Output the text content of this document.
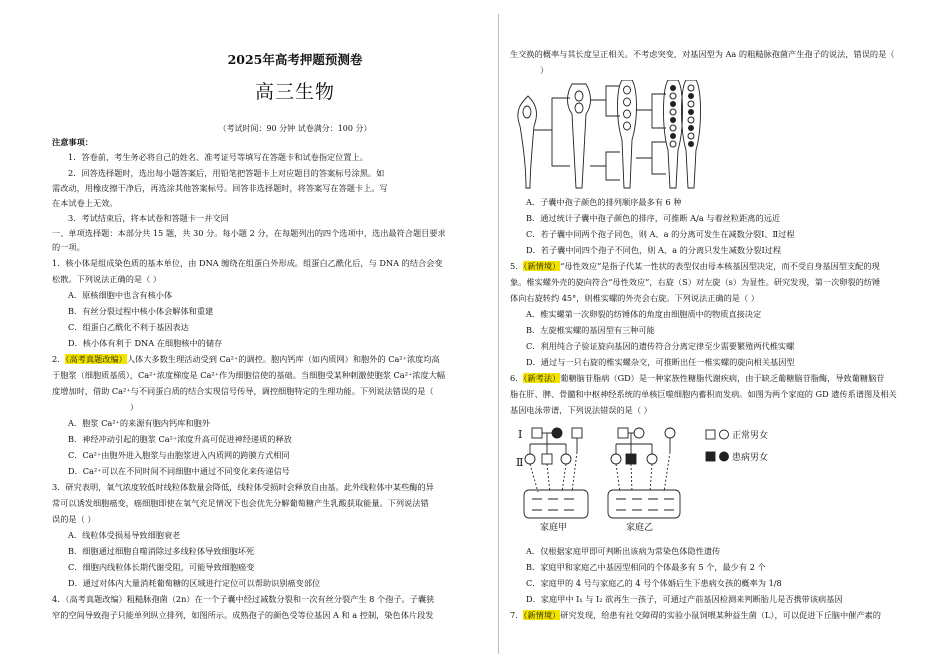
2025年高考押题预测卷
高三生物
（考试时间：90 分钟 试卷满分：100 分）
注意事项：
1．答卷前，考生务必将自己的姓名、准考证号等填写在答题卡和试卷指定位置上。
2．回答选择题时，选出每小题答案后，用铅笔把答题卡上对应题目的答案标号涂黑。如
需改动，用橡皮擦干净后，再选涂其他答案标号。回答非选择题时，将答案写在答题卡上。写
在本试卷上无效。
3．考试结束后，将本试卷和答题卡一并交回
一、单项选择题：本部分共 15 题，共 30 分。每小题 2 分，在每题列出的四个选项中，选出最符合题目要求
的一项。
1．核小体是组成染色质的基本单位，由 DNA 缠绕在组蛋白外形成。组蛋白乙酰化后，与 DNA 的结合会变
松散。下列说法正确的是（ ）
A．原核细胞中也含有核小体
B．有丝分裂过程中核小体会解体和重建
C．组蛋白乙酰化不利于基因表达
D．核小体有利于 DNA 在细胞核中的储存
2．（高考真题改编）人体大多数生理活动受到 Ca²⁺的调控。胞内钙库（如内质网）和胞外的 Ca²⁺浓度均高
于胞浆（细胞质基质），Ca²⁺浓度梯度是 Ca²⁺作为细胞信使的基础。当细胞受某种刺激使胞浆 Ca²⁺浓度大幅
度增加时，借助 Ca²⁺与不同蛋白质的结合实现信号传导，调控细胞特定的生理功能。下列说法错误的是（
）
A．胞浆 Ca²⁺的来源有胞内钙库和胞外
B．神经冲动引起的胞浆 Ca²⁺浓度升高可促进神经递质的释放
C．Ca²⁺由胞外进入胞浆与由胞浆进入内质网的跨膜方式相同
D．Ca²⁺可以在不同时间不同细胞中通过不同变化来传递信号
3．研究表明，氧气浓度较低时线粒体数量会降低，线粒体受损时会释放自由基。此外线粒体中某些酶的异
常可以诱发细胞癌变，癌细胞即使在氧气充足情况下也会优先分解葡萄糖产生乳酸获取能量。下列说法错
误的是（ ）
A．线粒体受损易导致细胞衰老
B．细胞通过细胞自噬消除过多线粒体导致细胞坏死
C．细胞内线粒体长期代谢受阻，可能导致细胞癌变
D．通过对体内大量消耗葡萄糖的区域进行定位可以帮助识别癌变部位
4．（高考真题改编）粗糙脉孢菌（2n）在一个子囊中经过减数分裂和一次有丝分裂产生 8 个孢子。子囊狭
窄的空间导致孢子只能单列纵立排列，如图所示。成熟孢子的颜色受等位基因 A 和 a 控制，染色体片段发
生交换的概率与其长度呈正相关。不考虑突变，对基因型为 Aa 的粗糙脉孢菌产生孢子的说法，错误的是（
）
A．子囊中孢子颜色的排列顺序最多有 6 种
B．通过统计子囊中孢子颜色的排序，可推断 A/a 与着丝粒距离的远近
C．若子囊中同两个孢子同色，则 A、a 的分离可发生在减数分裂Ⅰ、Ⅱ过程
D．若子囊中同四个孢子不同色，则 A、a 的分离只发生减数分裂Ⅰ过程
5．（新情境）“母性效应”是指子代某一性状的表型仅由母本核基因型决定，而不受自身基因型支配的现
象。椎实螺外壳的旋向符合“母性效应”，右旋（S）对左旋（s）为显性。研究发现，第一次卵裂的纺锤
体向右旋转约 45°，则椎实螺的外壳会右旋。下列说法正确的是（ ）
A．椎实螺第一次卵裂的纺锤体的角度由细胞质中的物质直接决定
B．左旋椎实螺的基因型有三种可能
C．利用纯合子验证旋向基因的遗传符合分离定律至少需要繁殖两代椎实螺
D．通过与一只右旋的椎实螺杂交，可推断出任一椎实螺的旋向相关基因型
6．（新考法）葡糖脑苷脂病（GD）是一种家族性糖脂代谢疾病，由于缺乏葡糖脑苷脂酶，导致葡糖脑苷
脂在肝、脾、骨髓和中枢神经系统的单核巨噬细胞内蓄积而发病。如图为两个家庭的 GD 遗传系谱图及相关
基因电泳带谱，下列说法错误的是（ ）
Ⅰ
Ⅱ
正常男女
患病男女
家庭甲	家庭乙
A．仅根据家庭甲即可判断出该病为常染色体隐性遗传
B．家庭甲和家庭乙中基因型相同的个体最多有 5 个，最少有 2 个
C．家庭甲的 4 号与家庭乙的 4 号个体婚后生下患病女孩的概率为 1/8
D．家庭甲中 I₁ 与 I₂ 欲再生一孩子，可通过产前基因检测来判断胎儿是否携带该病基因
7．（新情境）研究发现，给患有社交障碍的实验小鼠饲喂某种益生菌（L），可以促进下丘脑中催产素的
